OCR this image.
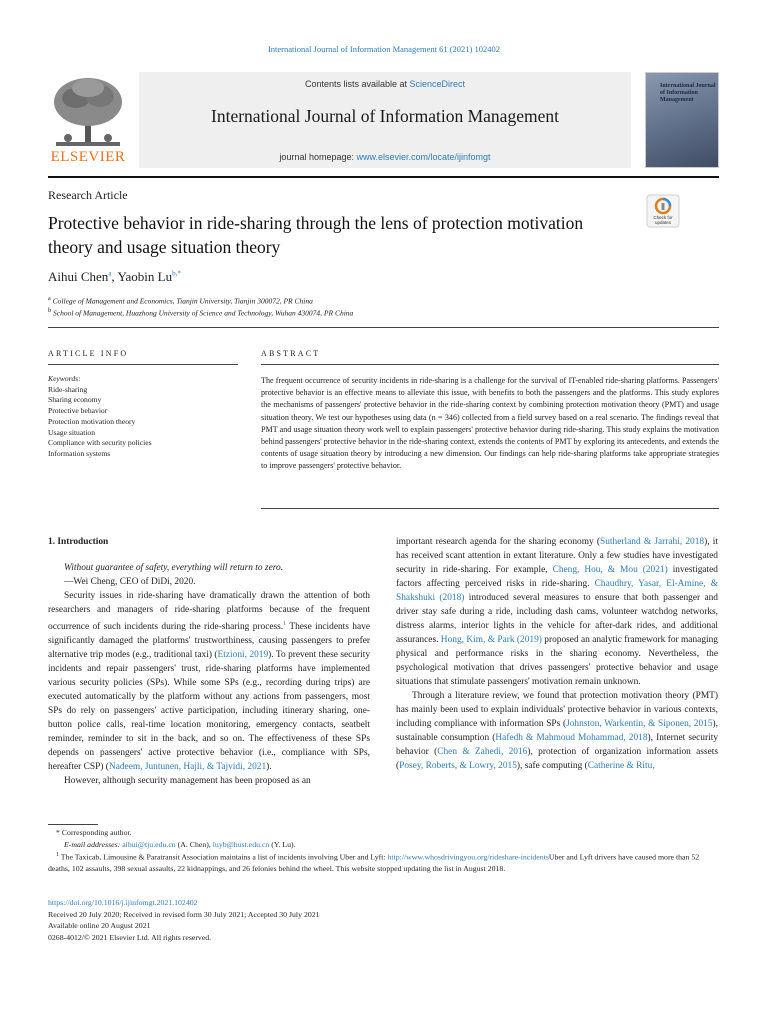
International Journal of Information Management 61 (2021) 102402
ELSEVIER
Contents lists available at ScienceDirect
International Journal of Information Management
journal homepage: www.elsevier.com/locate/ijinfomgt
International Journal of Information Management
Research Article
Protective behavior in ride-sharing through the lens of protection motivation theory and usage situation theory
Check for updates
Aihui Chen$^a$, Yaobin $Lu^{b,*}$
$^a$ College of Management and Economics, Tianjin University, Tianjin 300072, PR China
$^b$ School of Management, Huazhong University of Science and Technology, Wuhan 430074, PR China
ARTICLE INFO	ABSTRACT
Keywords:
Ride-sharing
Sharing economy
Protective behavior
Protection motivation theory
Usage situation
Compliance with security policies
Information systems
The frequent occurrence of security incidents in ride-sharing is a challenge for the survival of IT-enabled ride-sharing platforms. Passengers' protective behavior is an effective means to alleviate this issue, with benefits to both the passengers and the platforms. This study explores the mechanisms of passengers' protective behavior in the ride-sharing context by combining protection motivation theory (PMT) and usage situation theory. We test our hypotheses using data (n = 346) collected from a field survey based on a real scenario. The findings reveal that PMT and usage situation theory work well to explain passengers' protective behavior during ride-sharing. This study explains the motivation behind passengers' protective behavior in the ride-sharing context, extends the contents of PMT by exploring its antecedents, and extends the contents of usage situation theory by introducing a new dimension. Our findings can help ride-sharing platforms take appropriate strategies to improve passengers' protective behavior.

1. Introduction

Without guarantee of safety, everything will return to zero.

—Wei Cheng, CEO of DiDi, 2020.

Security issues in ride-sharing have dramatically drawn the attention of both researchers and managers of ride-sharing platforms because of the frequent occurrence of such incidents during the ride-sharing process.$^1$ These incidents have significantly damaged the platforms' trustworthiness, causing passengers to prefer alternative trip modes (e.g., traditional taxi) (Etzioni, 2019). To prevent these security incidents and repair passengers' trust, ride-sharing platforms have implemented various security policies (SPs). While some SPs (e.g., recording during trips) are executed automatically by the platform without any actions from passengers, most SPs do rely on passengers' active participation, including itinerary sharing, one-button police calls, real-time location monitoring, emergency contacts, seatbelt reminder, reminder to sit in the back, and so on. The effectiveness of these SPs depends on passengers' active protective behavior (i.e., compliance with SPs, hereafter CSP) (Nadeem, Juntunen, Hajli, & Tajvidi, 2021).

However, although security management has been proposed as an

important research agenda for the sharing economy (Sutherland & Jarrahi, 2018), it has received scant attention in extant literature. Only a few studies have investigated security in ride-sharing. For example, Cheng, Hou, & Mou (2021) investigated factors affecting perceived risks in ride-sharing. Chaudhry, Yasar, El-Amine, & Shakshuki (2018) introduced several measures to ensure that both passenger and driver stay safe during a ride, including dash cams, volunteer watchdog networks, distress alarms, interior lights in the vehicle for after-dark rides, and additional assurances. Hong, Kim, & Park (2019) proposed an analytic framework for managing physical and performance risks in the sharing economy. Nevertheless, the psychological motivation that drives passengers' protective behavior and usage situations that stimulate passengers' motivation remain unknown.

Through a literature review, we found that protection motivation theory (PMT) has mainly been used to explain individuals' protective behavior in various contexts, including compliance with information SPs (Johnston, Warkentin, & Siponen, 2015), sustainable consumption (Hafedh & Mahmoud Mohammad, 2018), Internet security behavior (Chen & Zahedi, 2016), protection of organization information assets (Posey, Roberts, & Lowry, 2015), safe computing (Catherine & Ritu,

* Corresponding author.

E-mail addresses: aihui@tju.edu.cn (A. Chen), luyb@hust.edu.cn (Y. Lu).

$^1$ The Taxicab, Limousine & Paratransit Association maintains a list of incidents involving Uber and Lyft: http://www.whosdrivingyou.org/rideshare-incidentsUber and Lyft drivers have caused more than 52 deaths, 102 assaults, 398 sexual assaults, 22 kidnappings, and 26 felonies behind the wheel. This website stopped updating the list in August 2018.

https://doi.org/10.1016/j.ijinfomgt.2021.102402

Received 20 July 2020; Received in revised form 30 July 2021; Accepted 30 July 2021

Available online 20 August 2021

0268-4012/© 2021 Elsevier Ltd. All rights reserved.
